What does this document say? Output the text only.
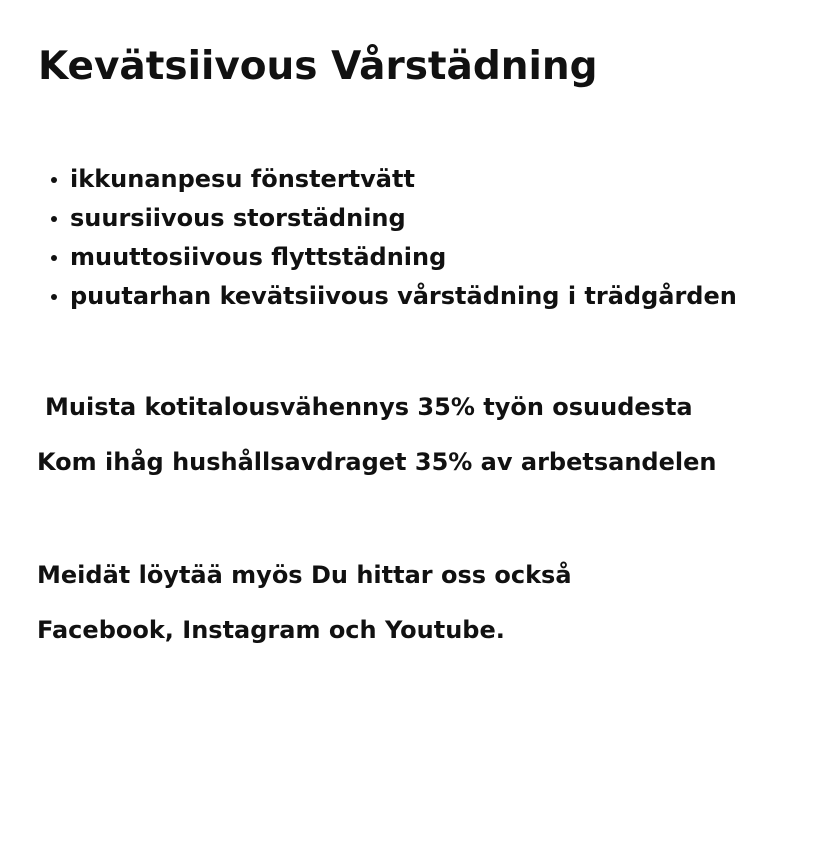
Kevätsiivous Vårstädning
ikkunanpesu fönstertvätt
suursiivous storstädning
muuttosiivous flyttstädning
puutarhan kevätsiivous vårstädning i trädgården

Muista kotitalousvähennys 35% työn osuudesta

Kom ihåg hushållsavdraget 35% av arbetsandelen

Meidät löytää myös Du hittar oss också

Facebook, Instagram och Youtube.
